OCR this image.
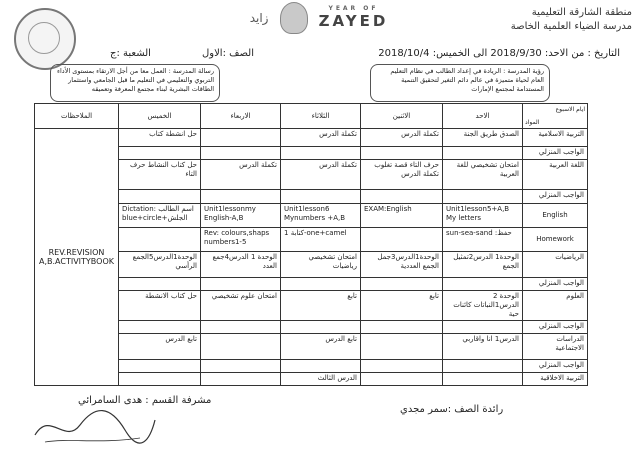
زايد
YEAR OF
ZAYED	منطقة الشارقة التعليمية
مدرسة الضياء العلمية الخاصة
التاريخ : من الاحد: 2018/9/30 الى الخميس: 2018/10/4
الصف :الاول
الشعبة :ج
رسالة المدرسة : العمل معا من أجل الارتقاء بمستوى الأداء التربوي والتعليمي في التعليم ما قبل الجامعي واستثمار الطاقات البشرية لبناء مجتمع المعرفة وتعميقه
رؤية المدرسة : الريادة في إعداد الطالب في نظام التعليم العام لحياة متميزة في عالم دائم التغير لتحقيق التنمية المستدامة لمجتمع الإمارات
الملاحظات	الخميس	الاربعاء	الثلاثاء	الاثنين	الاحد	ايام الاسبوع
المواد

REV.REVISION A,B.ACTIVITYBOOK	حل انشطة كتاب		تكملة الدرس	تكملة الدرس	الصدق طريق الجنة	التربية الاسلامية
						الواجب المنزلي
	حل كتاب النشاط حرف التاء	تكملة الدرس	تكملة الدرس	حرف التاء قصة تغلوب تكملة الدرس	امتحان تشخيصي للغة العربية	اللغة العربية
						الواجب المنزلي
	Dictation: اسم الطالب blue+circle+الجلش	Unit1lessonmy English-A,B	Unit1lesson6 Mynumbers +A,B	EXAM:English	Unit1lesson5+A,B My letters	English
		Rev: colours,shaps numbers1-5	كتابة 1-one+camel		sun-sea-sand :حفظ	Homework
	الوحدة1الدرس5الجمع الرأسي	الوحدة 1 الدرس4جمع العدد	امتحان تشخيصي رياضيات	الوحدة1الدرس3جمل الجمع العددية	الوحدة1 الدرس2تمثيل الجمع	الرياضيات
						الواجب المنزلي
	حل كتاب الانشطة	امتحان علوم تشخيصي	تابع	تابع	الوحدة 2 الدرس1النباتات كائنات حية	العلوم
						الواجب المنزلي
	تابع الدرس		تابع الدرس		الدرس1 انا واقاربي	الدراسات الاجتماعية
						الواجب المنزلي
			الدرس الثالث			التربية الاخلاقية
مشرفة القسم : هدى السامرائي
رائدة الصف :سمر مجدي
